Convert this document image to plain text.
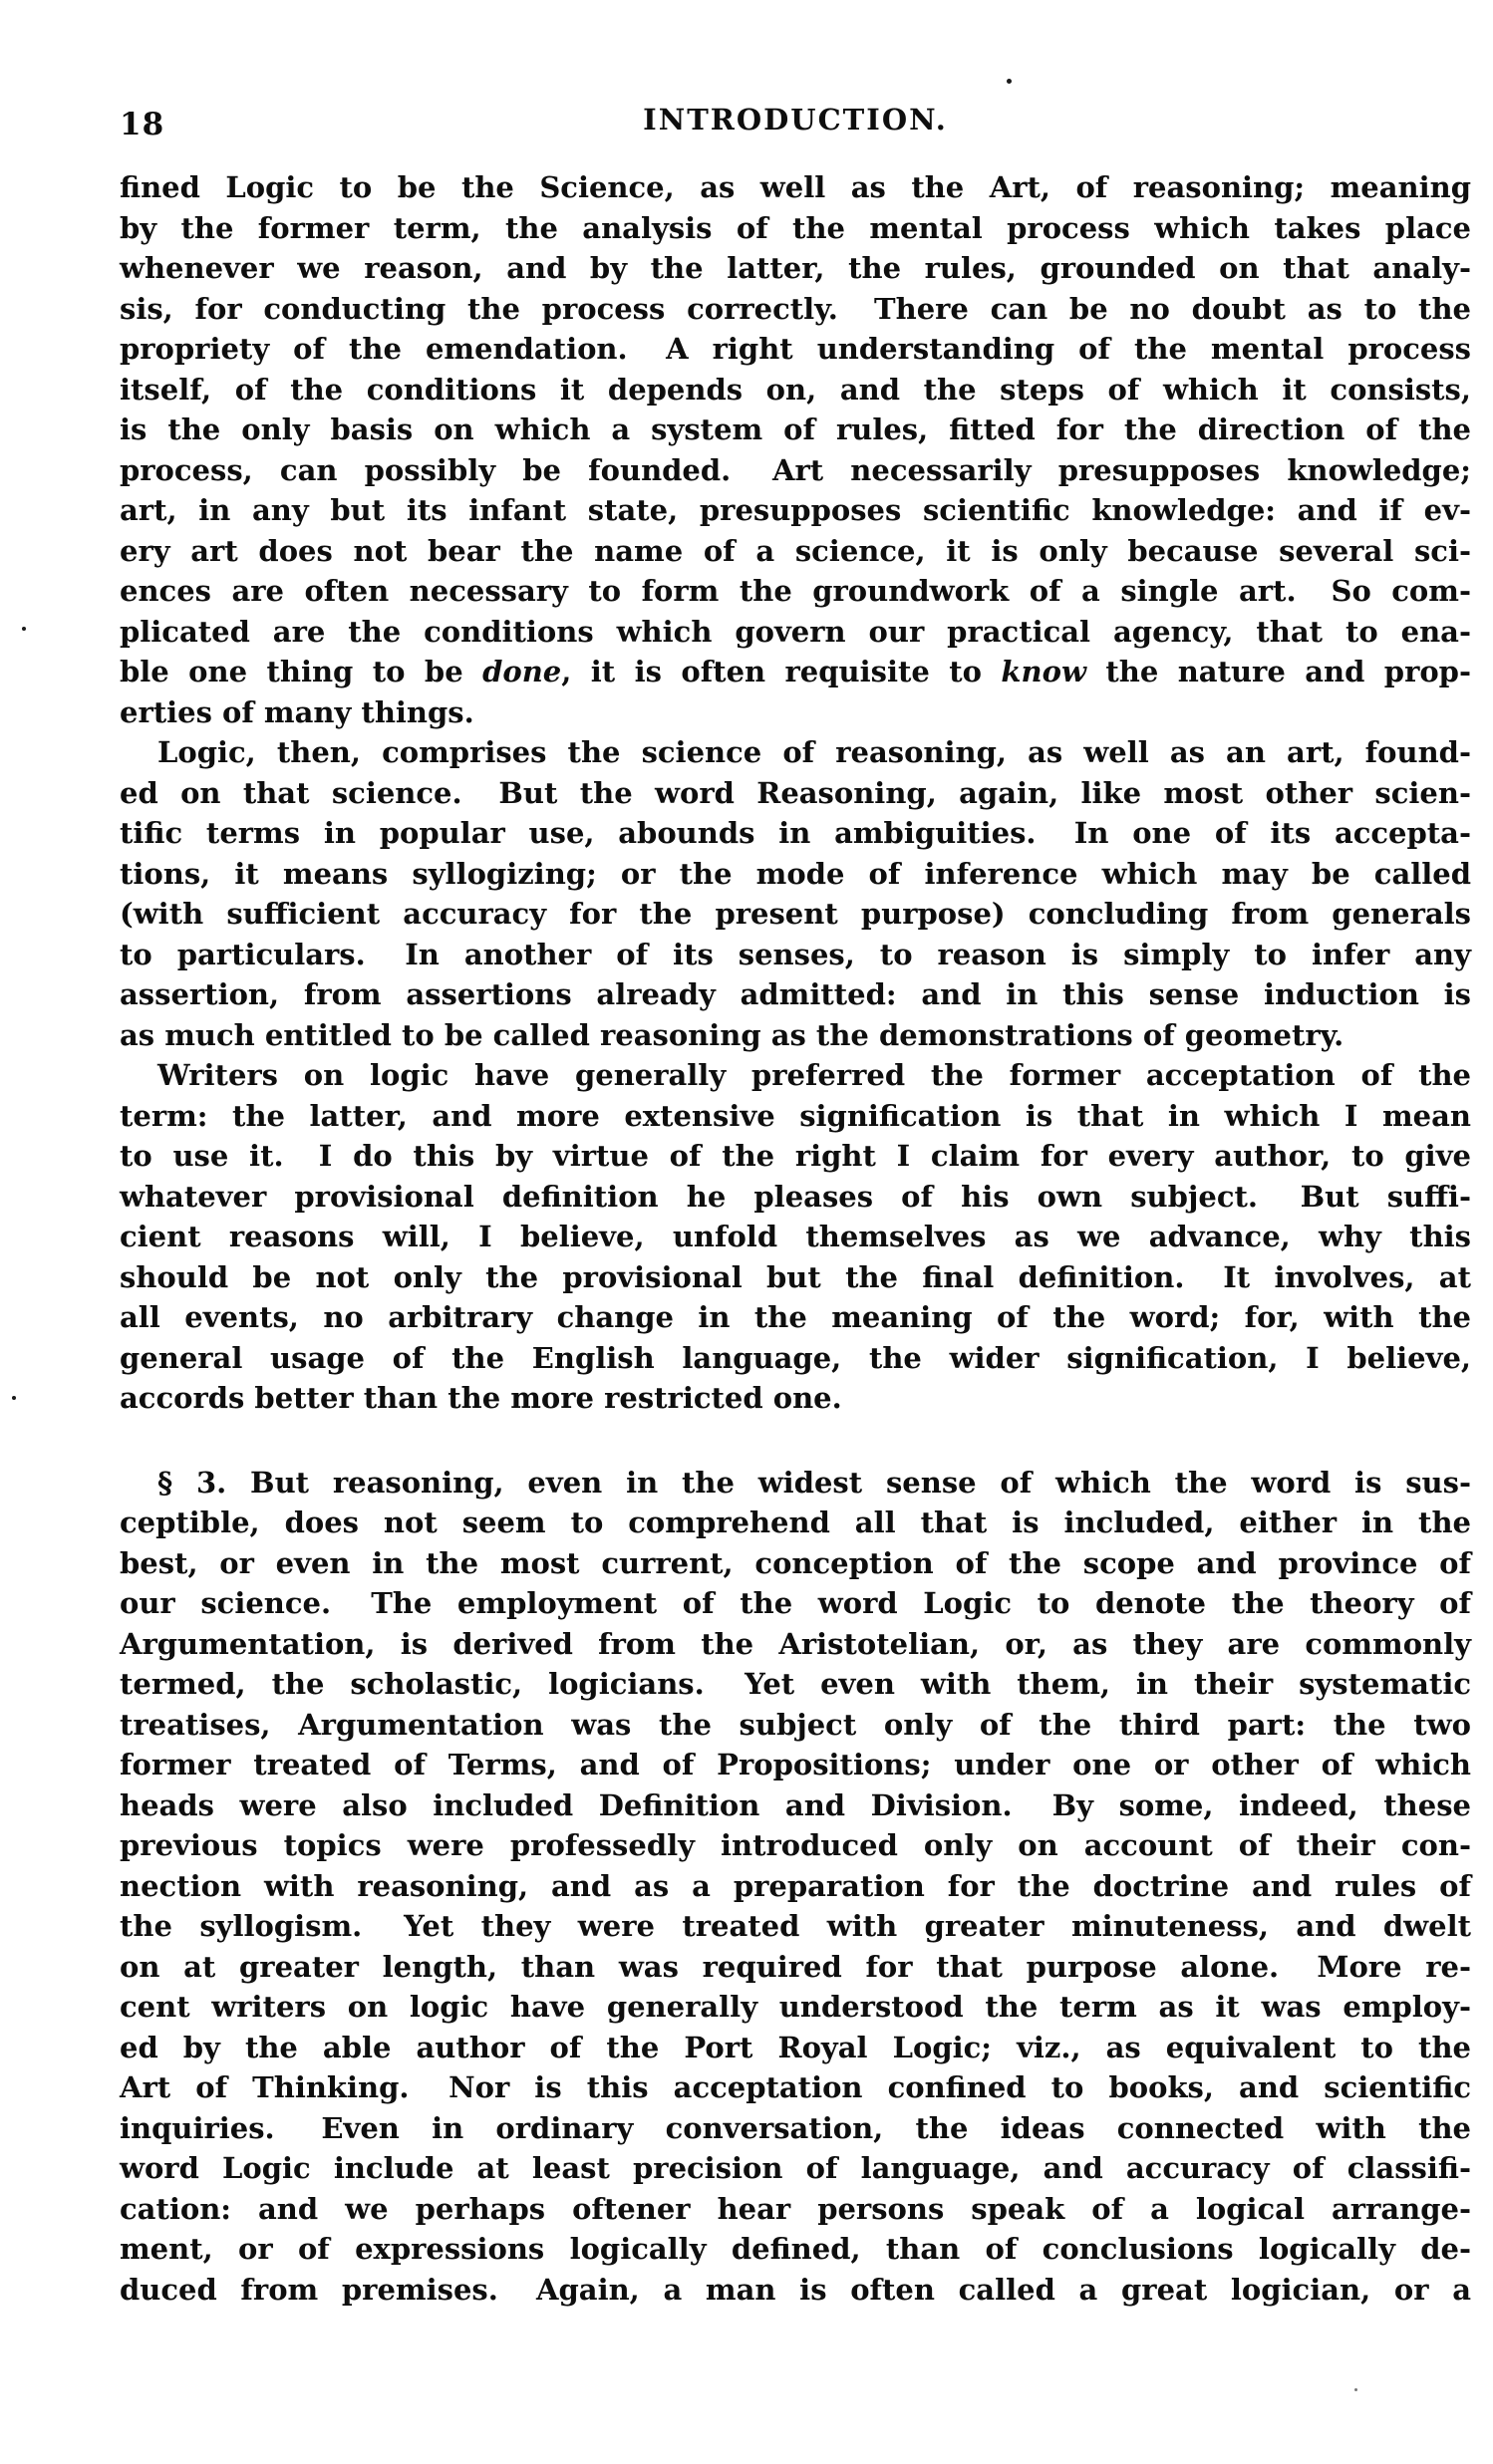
18	INTRODUCTION.
fined Logic to be the Science, as well as the Art, of reasoning; meaning
by the former term, the analysis of the mental process which takes place
whenever we reason, and by the latter, the rules, grounded on that analy-
sis, for conducting the process correctly.  There can be no doubt as to the
propriety of the emendation.  A right understanding of the mental process
itself, of the conditions it depends on, and the steps of which it consists,
is the only basis on which a system of rules, fitted for the direction of the
process, can possibly be founded.  Art necessarily presupposes knowledge;
art, in any but its infant state, presupposes scientific knowledge: and if ev-
ery art does not bear the name of a science, it is only because several sci-
ences are often necessary to form the groundwork of a single art.  So com-
plicated are the conditions which govern our practical agency, that to ena-
ble one thing to be done, it is often requisite to know the nature and prop-
erties of many things.
Logic, then, comprises the science of reasoning, as well as an art, found-
ed on that science.  But the word Reasoning, again, like most other scien-
tific terms in popular use, abounds in ambiguities.  In one of its accepta-
tions, it means syllogizing; or the mode of inference which may be called
(with sufficient accuracy for the present purpose) concluding from generals
to particulars.  In another of its senses, to reason is simply to infer any
assertion, from assertions already admitted: and in this sense induction is
as much entitled to be called reasoning as the demonstrations of geometry.
Writers on logic have generally preferred the former acceptation of the
term: the latter, and more extensive signification is that in which I mean
to use it.  I do this by virtue of the right I claim for every author, to give
whatever provisional definition he pleases of his own subject.  But suffi-
cient reasons will, I believe, unfold themselves as we advance, why this
should be not only the provisional but the final definition.  It involves, at
all events, no arbitrary change in the meaning of the word; for, with the
general usage of the English language, the wider signification, I believe,
accords better than the more restricted one.
§ 3. But reasoning, even in the widest sense of which the word is sus-
ceptible, does not seem to comprehend all that is included, either in the
best, or even in the most current, conception of the scope and province of
our science.  The employment of the word Logic to denote the theory of
Argumentation, is derived from the Aristotelian, or, as they are commonly
termed, the scholastic, logicians.  Yet even with them, in their systematic
treatises, Argumentation was the subject only of the third part: the two
former treated of Terms, and of Propositions; under one or other of which
heads were also included Definition and Division.  By some, indeed, these
previous topics were professedly introduced only on account of their con-
nection with reasoning, and as a preparation for the doctrine and rules of
the syllogism.  Yet they were treated with greater minuteness, and dwelt
on at greater length, than was required for that purpose alone.  More re-
cent writers on logic have generally understood the term as it was employ-
ed by the able author of the Port Royal Logic; viz., as equivalent to the
Art of Thinking.  Nor is this acceptation confined to books, and scientific
inquiries.  Even in ordinary conversation, the ideas connected with the
word Logic include at least precision of language, and accuracy of classifi-
cation: and we perhaps oftener hear persons speak of a logical arrange-
ment, or of expressions logically defined, than of conclusions logically de-
duced from premises.  Again, a man is often called a great logician, or a
